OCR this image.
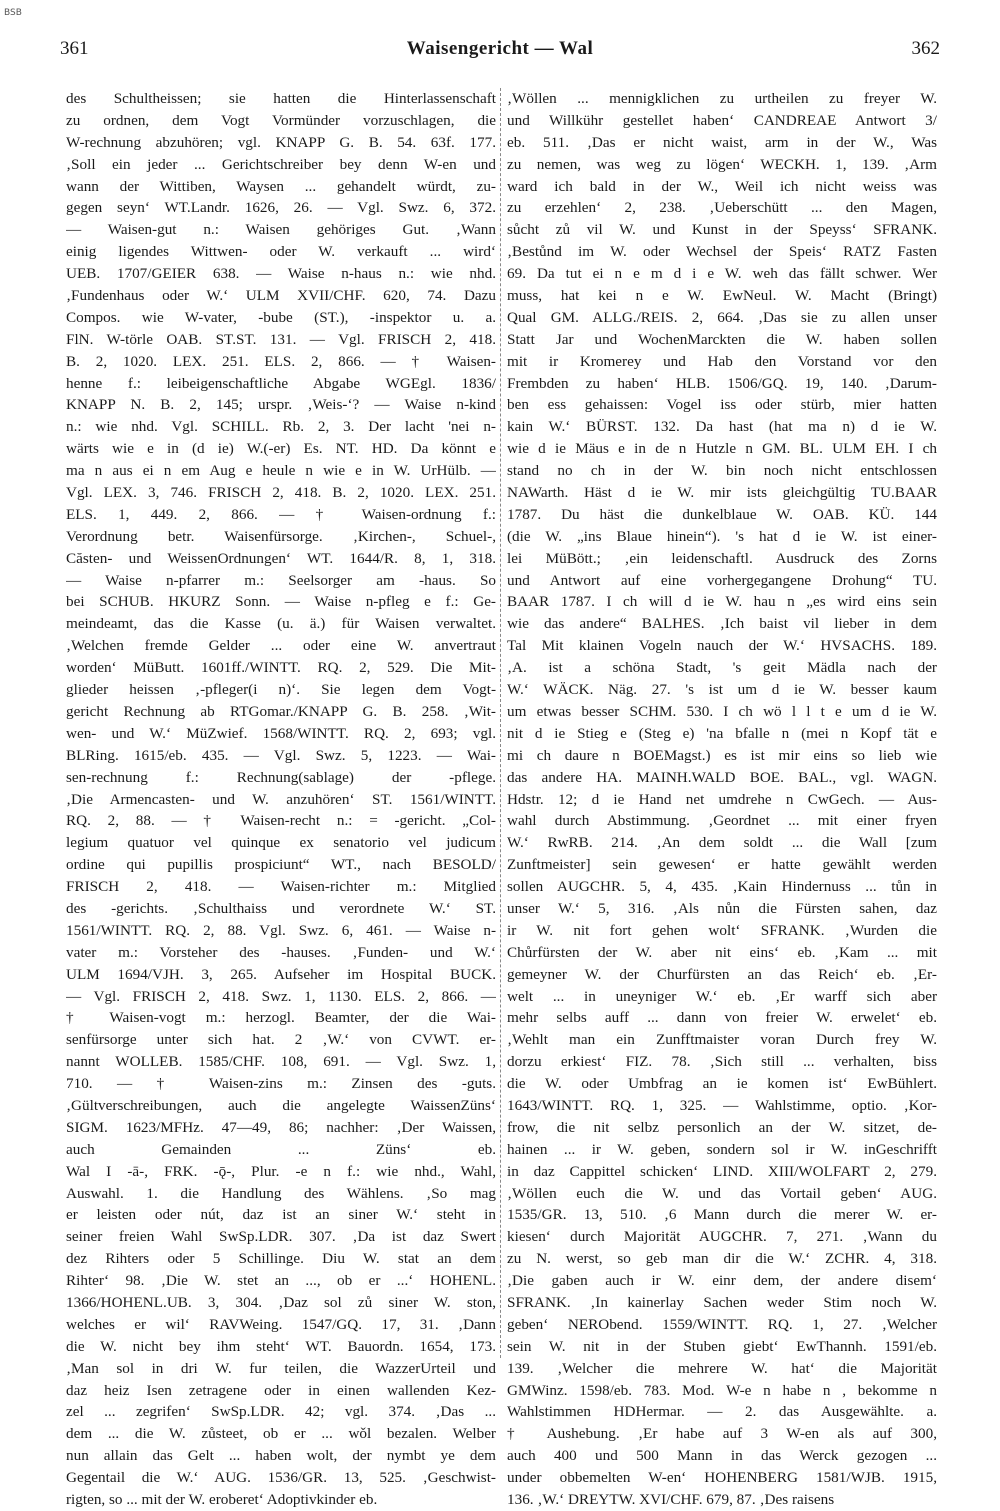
BSB
361	Waisengericht — Wal	362
des Schultheissen; sie hatten die Hinterlassenschaft
zu ordnen, dem Vogt Vormünder vorzuschlagen, die
W-rechnung abzuhören; vgl. KNAPP G. B. 54. 63f. 177.
‚Soll ein jeder ... Gerichtschreiber bey denn W-en und
wann der Wittiben, Waysen ... gehandelt würdt, zu-
gegen seyn‘ WT.Landr. 1626, 26. — Vgl. Swz. 6, 372.
— Waisen-gut n.: Waisen gehöriges Gut. ‚Wann
einig ligendes Wittwen- oder W. verkauft ... wird‘
UEB. 1707/GEIER 638. — Waise n-haus n.: wie nhd.
‚Fundenhaus oder W.‘ ULM XVII/CHF. 620, 74. Dazu
Compos. wie W-vater, -bube (ST.), -inspektor u. a.
FlN. W-törle OAB. ST.ST. 131. — Vgl. FRISCH 2, 418.
B. 2, 1020. LEX. 251. ELS. 2, 866. — † Waisen-
henne f.: leibeigenschaftliche Abgabe WGEgl. 1836/
KNAPP N. B. 2, 145; urspr. ‚Weis-‘? — Waise n-kind
n.: wie nhd. Vgl. SCHILL. Rb. 2, 3. Der lacht 'nei n-
wärts wie e in (d ie) W.(-er) Es. NT. HD. Da könnt e
ma n aus ei n em Aug e heule n wie e in W. UrHülb. —
Vgl. LEX. 3, 746. FRISCH 2, 418. B. 2, 1020. LEX. 251.
ELS. 1, 449. 2, 866. — † Waisen-ordnung f.:
Verordnung betr. Waisenfürsorge. ‚Kirchen-, Schuel-,
Căsten- und WeissenOrdnungen‘ WT. 1644/R. 8, 1, 318.
— Waise n-pfarrer m.: Seelsorger am -haus. So
bei SCHUB. HKURZ Sonn. — Waise n-pfleg e f.: Ge-
meindeamt, das die Kasse (u. ä.) für Waisen verwaltet.
‚Welchen fremde Gelder ... oder eine W. anvertraut
worden‘ MüButt. 1601ff./WINTT. RQ. 2, 529. Die Mit-
glieder heissen ‚-pfleger(i n)‘. Sie legen dem Vogt-
gericht Rechnung ab RTGomar./KNAPP G. B. 258. ‚Wit-
wen- und W.‘ MüZwief. 1568/WINTT. RQ. 2, 693; vgl.
BLRing. 1615/eb. 435. — Vgl. Swz. 5, 1223. — Wai-
sen-rechnung f.: Rechnung(sablage) der -pflege.
‚Die Armencasten- und W. anzuhören‘ ST. 1561/WINTT.
RQ. 2, 88. — † Waisen-recht n.: = -gericht. „Col-
legium quatuor vel quinque ex senatorio vel judicum
ordine qui pupillis prospiciunt“ WT., nach BESOLD/
FRISCH 2, 418. — Waisen-richter m.: Mitglied
des -gerichts. ‚Schulthaiss und verordnete W.‘ ST.
1561/WINTT. RQ. 2, 88. Vgl. Swz. 6, 461. — Waise n-
vater m.: Vorsteher des -hauses. ‚Funden- und W.‘
ULM 1694/VJH. 3, 265. Aufseher im Hospital BUCK.
— Vgl. FRISCH 2, 418. Swz. 1, 1130. ELS. 2, 866. —
† Waisen-vogt m.: herzogl. Beamter, der die Wai-
senfürsorge unter sich hat. 2 ‚W.‘ von CVWT. er-
nannt WOLLEB. 1585/CHF. 108, 691. — Vgl. Swz. 1,
710. — † Waisen-zins m.: Zinsen des -guts.
‚Gültverschreibungen, auch die angelegte WaissenZüns‘
SIGM. 1623/MFHz. 47—49, 86; nachher: ‚Der Waissen,
auch Gemainden ... Züns‘ eb.
Wal I -ā-, FRK. -ǭ-, Plur. -e n f.: wie nhd., Wahl,
Auswahl. 1. die Handlung des Wählens. ‚So mag
er leisten oder nút, daz ist an siner W.‘ steht in
seiner freien Wahl SwSp.LDR. 307. ‚Da ist daz Swert
dez Rihters oder 5 Schillinge. Diu W. stat an dem
Rihter‘ 98. ‚Die W. stet an ..., ob er ...‘ HOHENL.
1366/HOHENL.UB. 3, 304. ‚Daz sol zů siner W. ston,
welches er wil‘ RAVWeing. 1547/GQ. 17, 31. ‚Dann
die W. nicht bey ihm steht‘ WT. Bauordn. 1654, 173.
‚Man sol in dri W. fur teilen, die WazzerUrteil und
daz heiz Isen zetragene oder in einen wallenden Kez-
zel ... zegrifen‘ SwSp.LDR. 42; vgl. 374. ‚Das ...
dem ... die W. zůsteet, ob er ... wǒl bezalen. Welber
nun allain das Gelt ... haben wolt, der nymbt ye dem
Gegentail die W.‘ AUG. 1536/GR. 13, 525. ‚Geschwist-
rigten, so ... mit der W. eroberet‘ Adoptivkinder eb.
‚Wöllen ... mennigklichen zu urtheilen zu freyer W.
und Willkühr gestellet haben‘ CANDREAE Antwort 3/
eb. 511. ‚Das er nicht waist, arm in der W., Was
zu nemen, was weg zu lögen‘ WECKH. 1, 139. ‚Arm
ward ich bald in der W., Weil ich nicht weiss was
zu erzehlen‘ 2, 238. ‚Ueberschütt ... den Magen,
sůcht zů vil W. und Kunst in der Speyss‘ SFRANK.
‚Bestůnd im W. oder Wechsel der Speis‘ RATZ Fasten
69. Da tut ei n e m d i e W. weh das fällt schwer. Wer
muss, hat kei n e W. EwNeul. W. Macht (Bringt)
Qual GM. ALLG./REIS. 2, 664. ‚Das sie zu allen unser
Statt Jar und WochenMarckten die W. haben sollen
mit ir Kromerey und Hab den Vorstand vor den
Frembden zu haben‘ HLB. 1506/GQ. 19, 140. ‚Darum-
ben ess gehaissen: Vogel iss oder stürb, mier hatten
kain W.‘ BÜRST. 132. Da hast (hat ma n) d ie W.
wie d ie Mäus e in de n Hutzle n GM. BL. ULM EH. I ch
stand no ch in der W. bin noch nicht entschlossen
NAWarth. Häst d ie W. mir ists gleichgültig TU.BAAR
1787. Du häst die dunkelblaue W. OAB. KÜ. 144
(die W. „ins Blaue hinein“). 's hat d ie W. ist einer-
lei MüBött.; ‚ein leidenschaftl. Ausdruck des Zorns
und Antwort auf eine vorhergegangene Drohung“ TU.
BAAR 1787. I ch will d ie W. hau n „es wird eins sein
wie das andere“ BALHES. ‚Ich baist vil lieber in dem
Tal Mit klainen Vogeln nauch der W.‘ HVSACHS. 189.
‚A. ist a schöna Stadt, 's geit Mädla nach der
W.‘ WÄCK. Näg. 27. 's ist um d ie W. besser kaum
um etwas besser SCHM. 530. I ch wö l l t e um d ie W.
nit d ie Stieg e (Steg e) 'na bfalle n (mei n Kopf tät e
mi ch daure n BOEMagst.) es ist mir eins so lieb wie
das andere HA. MAINH.WALD BOE. BAL., vgl. WAGN.
Hdstr. 12; d ie Hand net umdrehe n CwGech. — Aus-
wahl durch Abstimmung. ‚Geordnet ... mit einer fryen
W.‘ RwRB. 214. ‚An dem soldt ... die Wall [zum
Zunftmeister] sein gewesen‘ er hatte gewählt werden
sollen AUGCHR. 5, 4, 435. ‚Kain Hindernuss ... tůn in
unser W.‘ 5, 316. ‚Als nůn die Fürsten sahen, daz
ir W. nit fort gehen wolt‘ SFRANK. ‚Wurden die
Chůrfürsten der W. aber nit eins‘ eb. ‚Kam ... mit
gemeyner W. der Churfürsten an das Reich‘ eb. ‚Er-
welt ... in uneyniger W.‘ eb. ‚Er warff sich aber
mehr selbs auff ... dann von freier W. erwelet‘ eb.
‚Wehlt man ein Zunfftmaister voran Durch frey W.
dorzu erkiest‘ FIZ. 78. ‚Sich still ... verhalten, biss
die W. oder Umbfrag an ie komen ist‘ EwBühlert.
1643/WINTT. RQ. 1, 325. — Wahlstimme, optio. ‚Kor-
frow, die nit selbz personlich an der W. sitzet, de-
hainen ... ir W. geben, sondern sol ir W. inGeschrifft
in daz Cappittel schicken‘ LIND. XIII/WOLFART 2, 279.
‚Wöllen euch die W. und das Vortail geben‘ AUG.
1535/GR. 13, 510. ‚6 Mann durch die merer W. er-
kiesen‘ durch Majorität AUGCHR. 7, 271. ‚Wann du
zu N. werst, so geb man dir die W.‘ ZCHR. 4, 318.
‚Die gaben auch ir W. einr dem, der andere disem‘
SFRANK. ‚In kainerlay Sachen weder Stim noch W.
geben‘ NERObend. 1559/WINTT. RQ. 1, 27. ‚Welcher
sein W. nit in der Stuben giebt‘ EwThannh. 1591/eb.
139. ‚Welcher die mehrere W. hat‘ die Majorität
GMWinz. 1598/eb. 783. Mod. W-e n habe n , bekomme n
Wahlstimmen HDHermar. — 2. das Ausgewählte. a.
† Aushebung. ‚Er habe auf 3 W-en als auf 300,
auch 400 und 500 Mann in das Werck gezogen ...
under obbemelten W-en‘ HOHENBERG 1581/WJB. 1915,
136. ‚W.‘ DREYTW. XVI/CHF. 679, 87. ‚Des raisens
